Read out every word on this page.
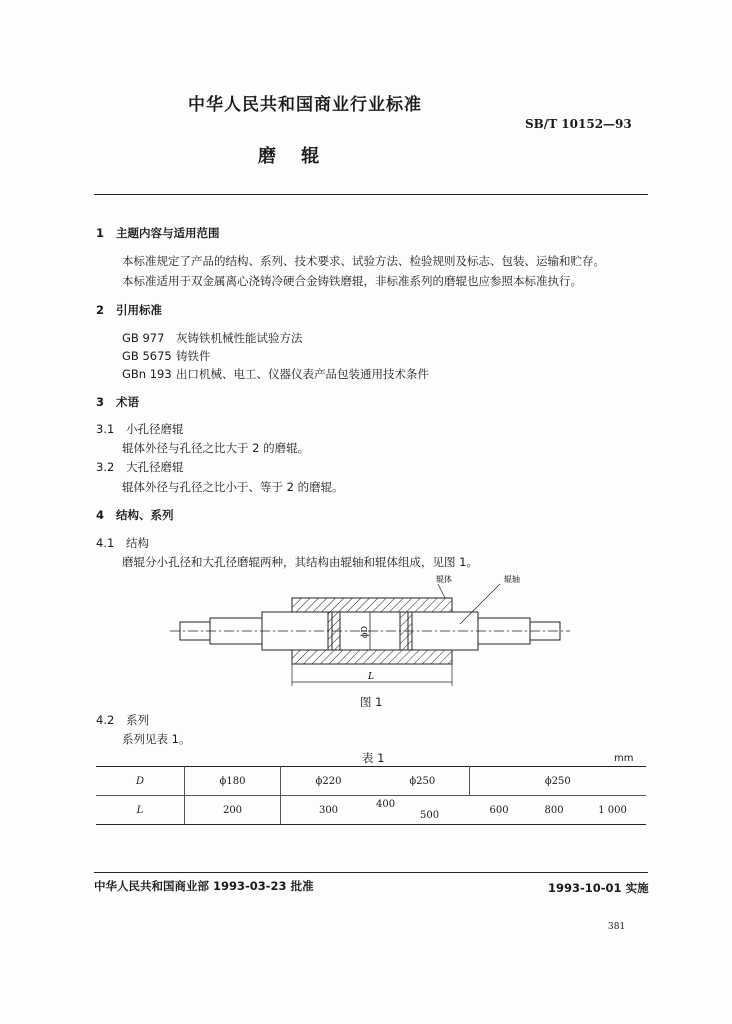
中华人民共和国商业行业标准
SB/T 10152—93
磨    辊
1 主题内容与适用范围
本标准规定了产品的结构、系列、技术要求、试验方法、检验规则及标志、包装、运输和贮存。
本标准适用于双金属离心浇铸冷硬合金铸铁磨辊，非标准系列的磨辊也应参照本标准执行。
2 引用标准
GB 977 灰铸铁机械性能试验方法
GB 5675 铸铁件
GBn 193 出口机械、电工、仪器仪表产品包装通用技术条件
3 术语
3.1 小孔径磨辊
辊体外径与孔径之比大于 2 的磨辊。
3.2 大孔径磨辊
辊体外径与孔径之比小于、等于 2 的磨辊。
4 结构、系列
4.1 结构
磨辊分小孔径和大孔径磨辊两种，其结构由辊轴和辊体组成，见图 1。
ϕD
L
辊体	辊轴
图 1
4.2 系列
系列见表 1。
表 1	mm
D	ϕ180	ϕ220	ϕ250	ϕ250		
L	200	300	400 500	600	800	1 000
中华人民共和国商业部 1993-03-23 批准	1993-10-01 实施
381
